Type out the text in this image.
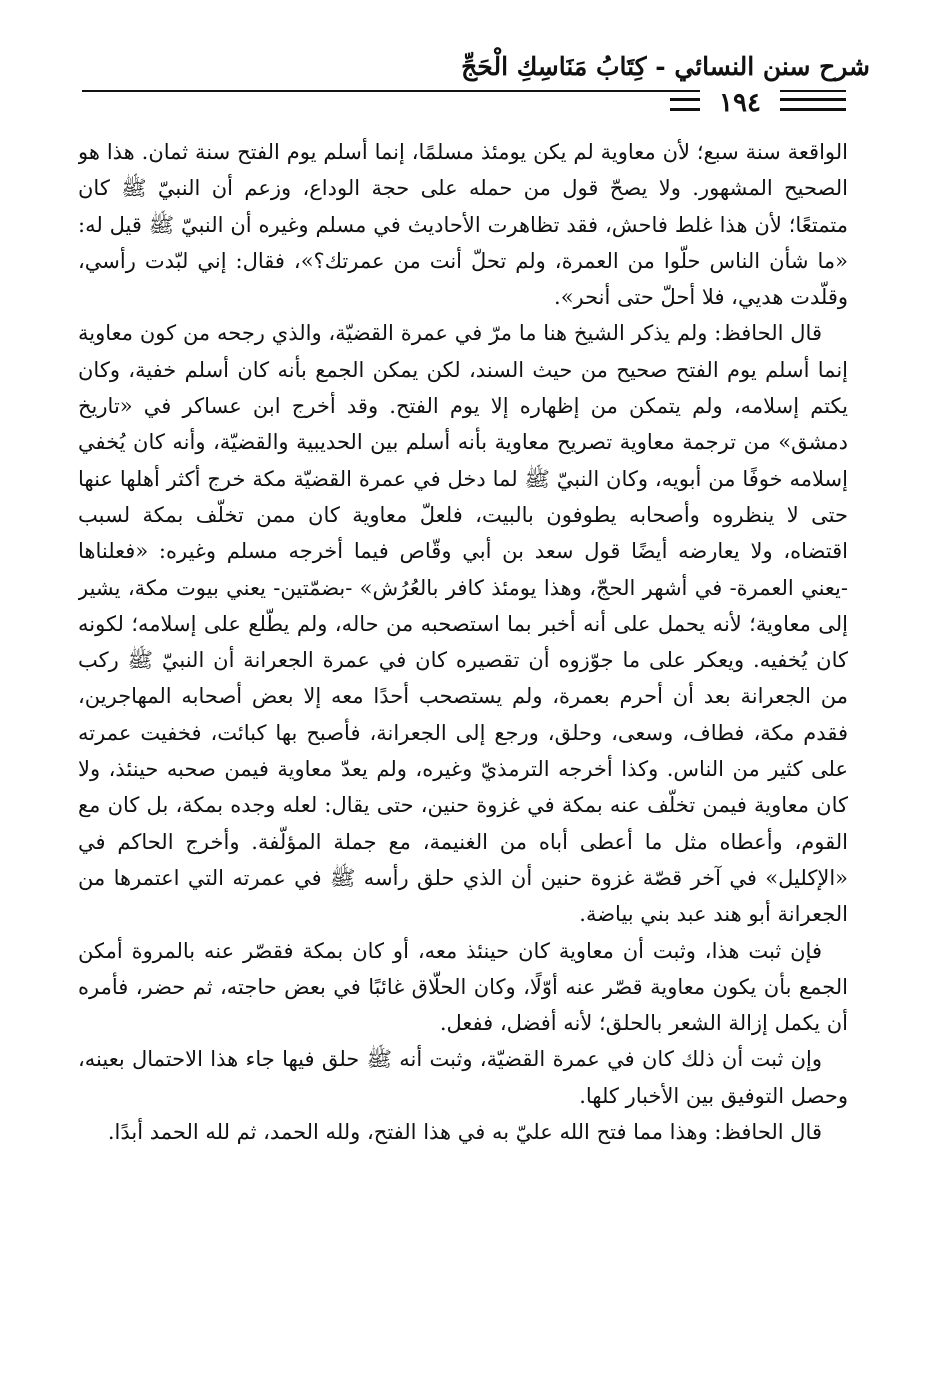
شرح سنن النسائي - كِتَابُ مَنَاسِكِ الْحَجِّ
١٩٤

الواقعة سنة سبع؛ لأن معاوية لم يكن يومئذ مسلمًا، إنما أسلم يوم الفتح سنة ثمان. هذا هو الصحيح المشهور. ولا يصحّ قول من حمله على حجة الوداع، وزعم أن النبيّ ﷺ كان متمتعًا؛ لأن هذا غلط فاحش، فقد تظاهرت الأحاديث في مسلم وغيره أن النبيّ ﷺ قيل له: «ما شأن الناس حلّوا من العمرة، ولم تحلّ أنت من عمرتك؟»، فقال: إني لبّدت رأسي، وقلّدت هديي، فلا أحلّ حتى أنحر».

قال الحافظ: ولم يذكر الشيخ هنا ما مرّ في عمرة القضيّة، والذي رجحه من كون معاوية إنما أسلم يوم الفتح صحيح من حيث السند، لكن يمكن الجمع بأنه كان أسلم خفية، وكان يكتم إسلامه، ولم يتمكن من إظهاره إلا يوم الفتح. وقد أخرج ابن عساكر في «تاريخ دمشق» من ترجمة معاوية تصريح معاوية بأنه أسلم بين الحديبية والقضيّة، وأنه كان يُخفي إسلامه خوفًا من أبويه، وكان النبيّ ﷺ لما دخل في عمرة القضيّة مكة خرج أكثر أهلها عنها حتى لا ينظروه وأصحابه يطوفون بالبيت، فلعلّ معاوية كان ممن تخلّف بمكة لسبب اقتضاه، ولا يعارضه أيضًا قول سعد بن أبي وقّاص فيما أخرجه مسلم وغيره: «فعلناها -يعني العمرة- في أشهر الحجّ، وهذا يومئذ كافر بالعُرُش» -بضمّتين- يعني بيوت مكة، يشير إلى معاوية؛ لأنه يحمل على أنه أخبر بما استصحبه من حاله، ولم يطّلع على إسلامه؛ لكونه كان يُخفيه. ويعكر على ما جوّزوه أن تقصيره كان في عمرة الجعرانة أن النبيّ ﷺ ركب من الجعرانة بعد أن أحرم بعمرة، ولم يستصحب أحدًا معه إلا بعض أصحابه المهاجرين، فقدم مكة، فطاف، وسعى، وحلق، ورجع إلى الجعرانة، فأصبح بها كبائت، فخفيت عمرته على كثير من الناس. وكذا أخرجه الترمذيّ وغيره، ولم يعدّ معاوية فيمن صحبه حينئذ، ولا كان معاوية فيمن تخلّف عنه بمكة في غزوة حنين، حتى يقال: لعله وجده بمكة، بل كان مع القوم، وأعطاه مثل ما أعطى أباه من الغنيمة، مع جملة المؤلّفة. وأخرج الحاكم في «الإكليل» في آخر قصّة غزوة حنين أن الذي حلق رأسه ﷺ في عمرته التي اعتمرها من الجعرانة أبو هند عبد بني بياضة.

فإن ثبت هذا، وثبت أن معاوية كان حينئذ معه، أو كان بمكة فقصّر عنه بالمروة أمكن الجمع بأن يكون معاوية قصّر عنه أوّلًا، وكان الحلّاق غائبًا في بعض حاجته، ثم حضر، فأمره أن يكمل إزالة الشعر بالحلق؛ لأنه أفضل، ففعل.

وإن ثبت أن ذلك كان في عمرة القضيّة، وثبت أنه ﷺ حلق فيها جاء هذا الاحتمال بعينه، وحصل التوفيق بين الأخبار كلها.

قال الحافظ: وهذا مما فتح الله عليّ به في هذا الفتح، ولله الحمد، ثم لله الحمد أبدًا.
